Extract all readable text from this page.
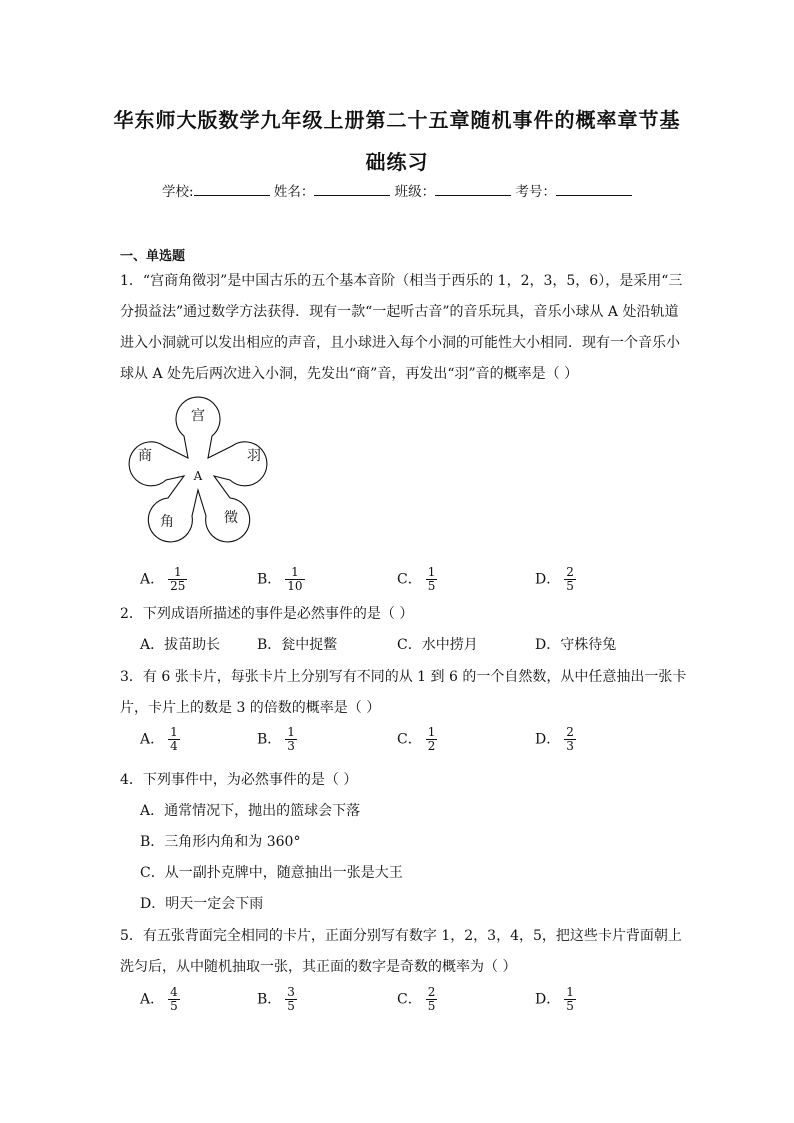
华东师大版数学九年级上册第二十五章随机事件的概率章节基
础练习
学校:	姓名：	班级：	考号：
一、单选题
1．“宫商角徵羽”是中国古乐的五个基本音阶（相当于西乐的 1，2，3，5，6），是采用“三
分损益法”通过数学方法获得．现有一款“一起听古音”的音乐玩具，音乐小球从 A 处沿轨道
进入小洞就可以发出相应的声音，且小球进入每个小洞的可能性大小相同．现有一个音乐小
球从 A 处先后两次进入小洞，先发出“商”音，再发出“羽”音的概率是（ ）
宫
商	羽
角	徵
A
A． $\frac{1}{25}$	B． $\frac{1}{10}$	C． $\frac{1}{5}$	D． $\frac{2}{5}$
2．下列成语所描述的事件是必然事件的是（ ）
A．拔苗助长	B．瓮中捉鳖	C．水中捞月	D．守株待兔
3．有 6 张卡片，每张卡片上分别写有不同的从 1 到 6 的一个自然数，从中任意抽出一张卡
片，卡片上的数是 3 的倍数的概率是（ ）
A． $\frac{1}{4}$	B． $\frac{1}{3}$	C． $\frac{1}{2}$	D． $\frac{2}{3}$
4．下列事件中，为必然事件的是（ ）
A．通常情况下，抛出的篮球会下落
B．三角形内角和为 360°
C．从一副扑克牌中，随意抽出一张是大王
D．明天一定会下雨
5．有五张背面完全相同的卡片，正面分别写有数字 1，2，3，4，5，把这些卡片背面朝上
洗匀后，从中随机抽取一张，其正面的数字是奇数的概率为（ ）
A． $\frac{4}{5}$	B． $\frac{3}{5}$	C． $\frac{2}{5}$	D． $\frac{1}{5}$
